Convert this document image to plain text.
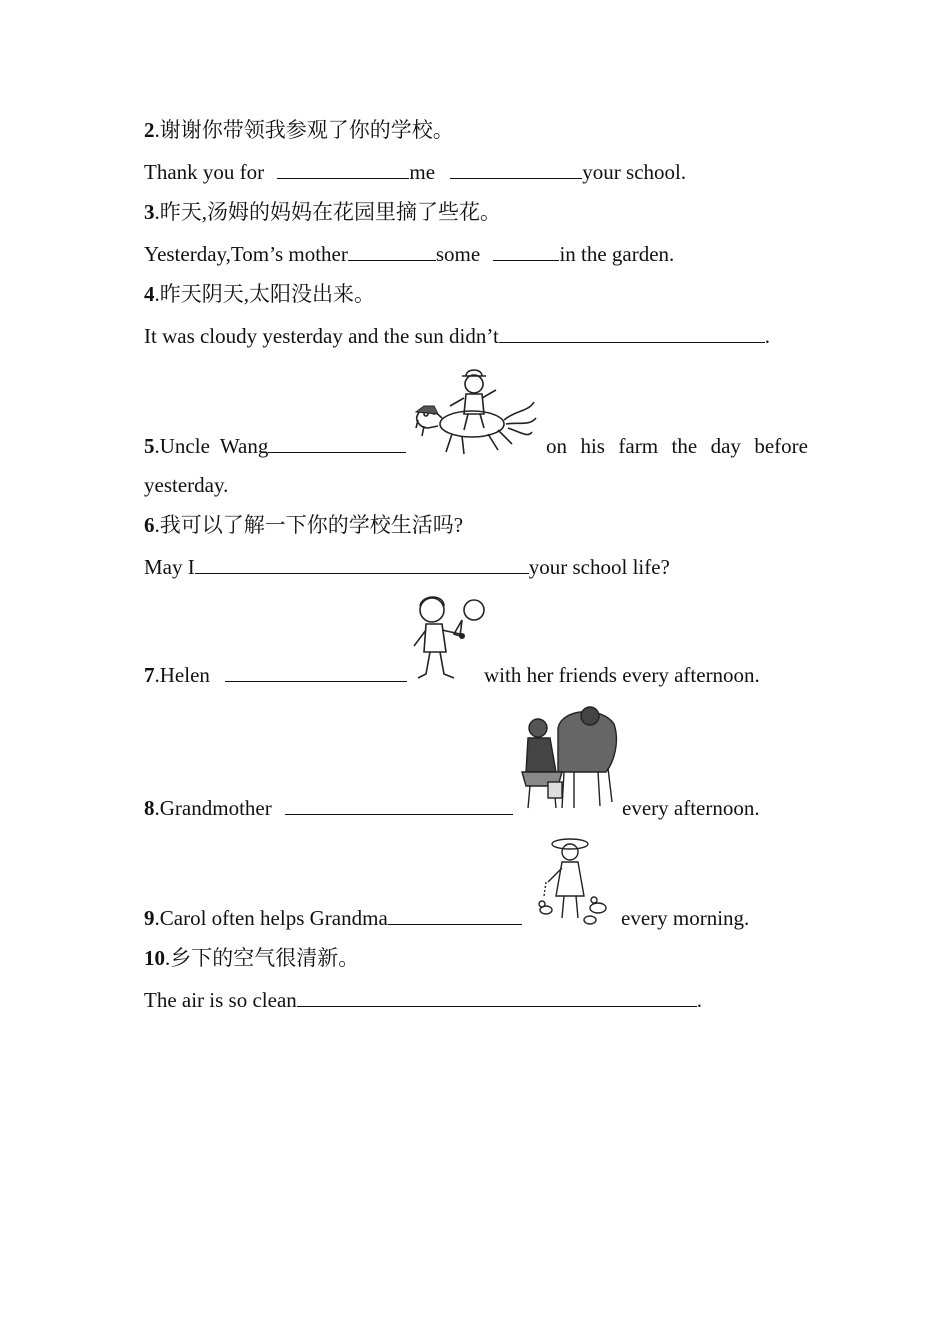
2.谢谢你带领我参观了你的学校。
Thank you for	me	your school.
3.昨天,汤姆的妈妈在花园里摘了些花。
Yesterday,Tom’s mother	some	in the garden.
4.昨天阴天,太阳没出来。
It was cloudy yesterday and the sun didn’t	.
5.Uncle Wang	on his farm the day before
yesterday.
6.我可以了解一下你的学校生活吗?
May I	your school life?
7.Helen	with her friends every afternoon.
8.Grandmother	every afternoon.
9.Carol often helps Grandma	every morning.
10.乡下的空气很清新。
The air is so clean	.
